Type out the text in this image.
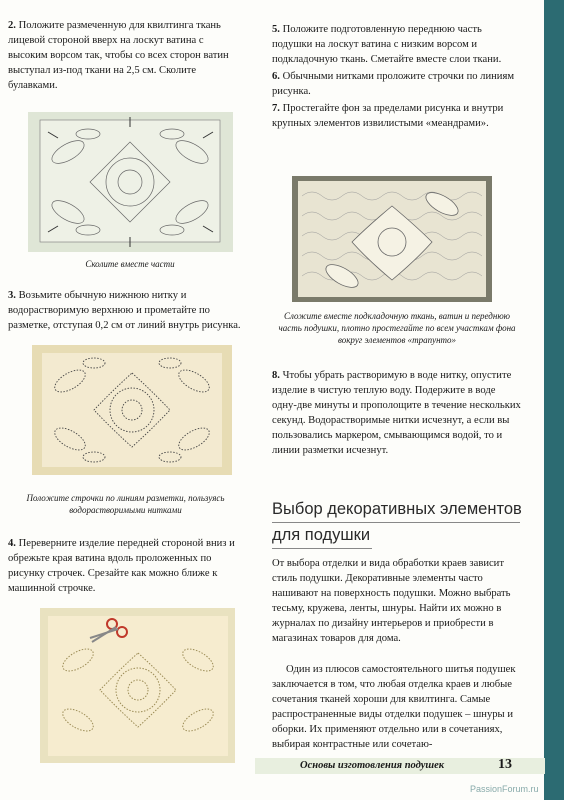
2. Положите размеченную для квилтинга ткань лицевой стороной вверх на лоскут ватина с высоким ворсом так, чтобы со всех сторон ватин выступал из-под ткани на 2,5 см. Сколите булавками.

Сколите вместе части

3. Возьмите обычную нижнюю нитку и водорастворимую верхнюю и прометайте по разметке, отступая 0,2 см от линий внутрь рисунка.

Положите строчки по линиям разметки, пользуясь водорастворимыми нитками

4. Переверните изделие передней стороной вниз и обрежьте края ватина вдоль проложенных по рисунку строчек. Срезайте как можно ближе к машинной строчке.

5. Положите подготовленную переднюю часть подушки на лоскут ватина с низким ворсом и подкладочную ткань. Сметайте вместе слои ткани.

6. Обычными нитками проложите строчки по линиям рисунка.

7. Простегайте фон за пределами рисунка и внутри крупных элементов извилистыми «меандрами».

Сложите вместе подкладочную ткань, ватин и переднюю часть подушки, плотно простегайте по всем участкам фона вокруг элементов «трапунто»

8. Чтобы убрать растворимую в воде нитку, опустите изделие в чистую теплую воду. Подержите в воде одну-две минуты и прополощите в течение нескольких секунд. Водорастворимые нитки исчезнут, а если вы пользовались маркером, смывающимся водой, то и линии разметки исчезнут.

Выбор декоративных элементов
для подушки
От выбора отделки и вида обработки краев зависит стиль подушки. Декоративные элементы часто нашивают на поверхность подушки. Можно выбрать тесьму, кружева, ленты, шнуры. Найти их можно в журналах по дизайну интерьеров и приобрести в магазинах товаров для дома.
Один из плюсов самостоятельного шитья подушек заключается в том, что любая отделка краев и любые сочетания тканей хороши для квилтинга. Самые распространенные виды отделки подушек – шнуры и оборки. Их применяют отдельно или в сочетаниях, выбирая контрастные или сочетаю-
Основы изготовления подушек	13
PassionForum.ru
